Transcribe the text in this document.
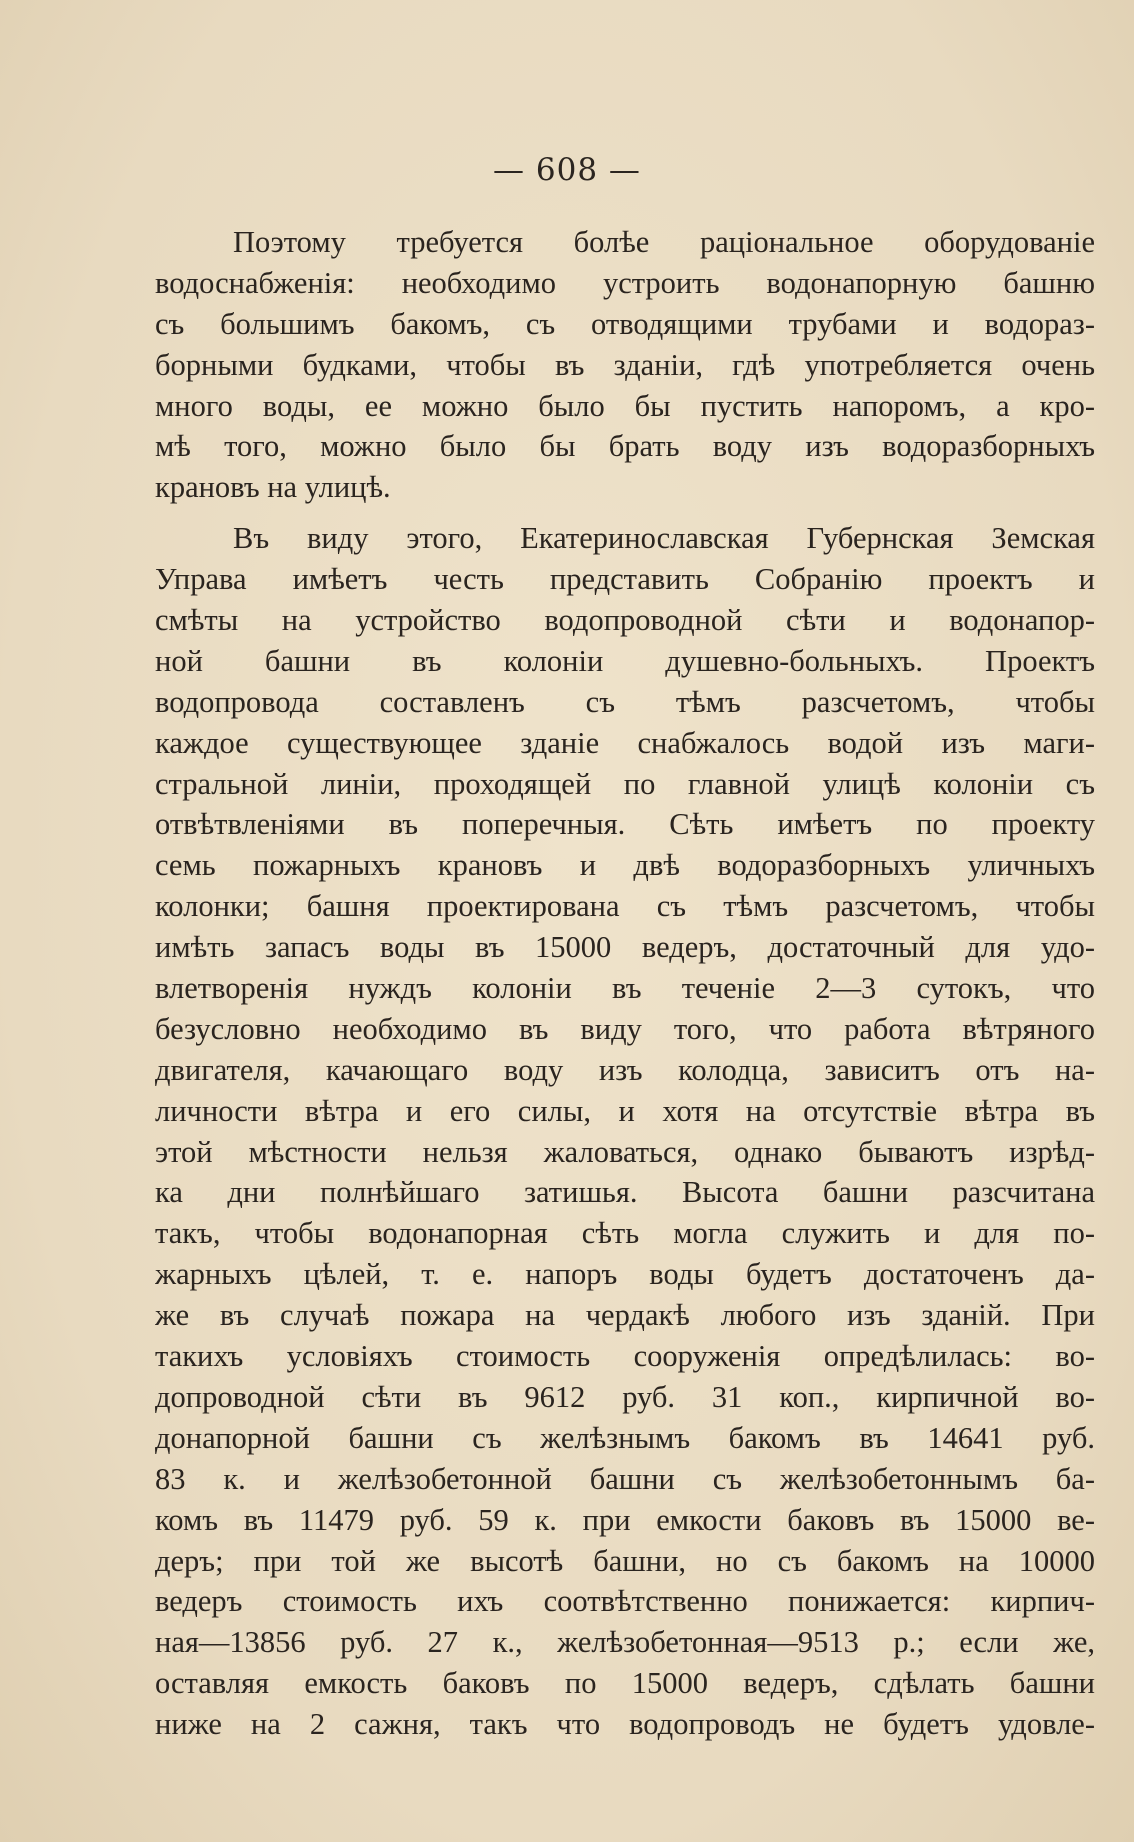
— 608 —
Поэтому требуется болѣе раціональное оборудованіе
водоснабженія: необходимо устроить водонапорную башню
съ большимъ бакомъ, съ отводящими трубами и водораз-
борными будками, чтобы въ зданіи, гдѣ употребляется очень
много воды, ее можно было бы пустить напоромъ, а кро-
мѣ того, можно было бы брать воду изъ водоразборныхъ
крановъ на улицѣ.
Въ виду этого, Екатеринославская Губернская Земская
Управа имѣетъ честь представить Собранію проектъ и
смѣты на устройство водопроводной сѣти и водонапор-
ной башни въ колоніи душевно-больныхъ. Проектъ
водопровода составленъ съ тѣмъ разсчетомъ, чтобы
каждое существующее зданіе снабжалось водой изъ маги-
стральной линіи, проходящей по главной улицѣ колоніи съ
отвѣтвленіями въ поперечныя. Сѣть имѣетъ по проекту
семь пожарныхъ крановъ и двѣ водоразборныхъ уличныхъ
колонки; башня проектирована съ тѣмъ разсчетомъ, чтобы
имѣть запасъ воды въ 15000 ведеръ, достаточный для удо-
влетворенія нуждъ колоніи въ теченіе 2—3 сутокъ, что
безусловно необходимо въ виду того, что работа вѣтряного
двигателя, качающаго воду изъ колодца, зависитъ отъ на-
личности вѣтра и его силы, и хотя на отсутствіе вѣтра въ
этой мѣстности нельзя жаловаться, однако бываютъ изрѣд-
ка дни полнѣйшаго затишья. Высота башни разсчитана
такъ, чтобы водонапорная сѣть могла служить и для по-
жарныхъ цѣлей, т. е. напоръ воды будетъ достаточенъ да-
же въ случаѣ пожара на чердакѣ любого изъ зданій. При
такихъ условіяхъ стоимость сооруженія опредѣлилась: во-
допроводной сѣти въ 9612 руб. 31 коп., кирпичной во-
донапорной башни съ желѣзнымъ бакомъ въ 14641 руб.
83 к. и желѣзобетонной башни съ желѣзобетоннымъ ба-
комъ въ 11479 руб. 59 к. при емкости баковъ въ 15000 ве-
деръ; при той же высотѣ башни, но съ бакомъ на 10000
ведеръ стоимость ихъ соотвѣтственно понижается: кирпич-
ная—13856 руб. 27 к., желѣзобетонная—9513 р.; если же,
оставляя емкость баковъ по 15000 ведеръ, сдѣлать башни
ниже на 2 сажня, такъ что водопроводъ не будетъ удовле-
